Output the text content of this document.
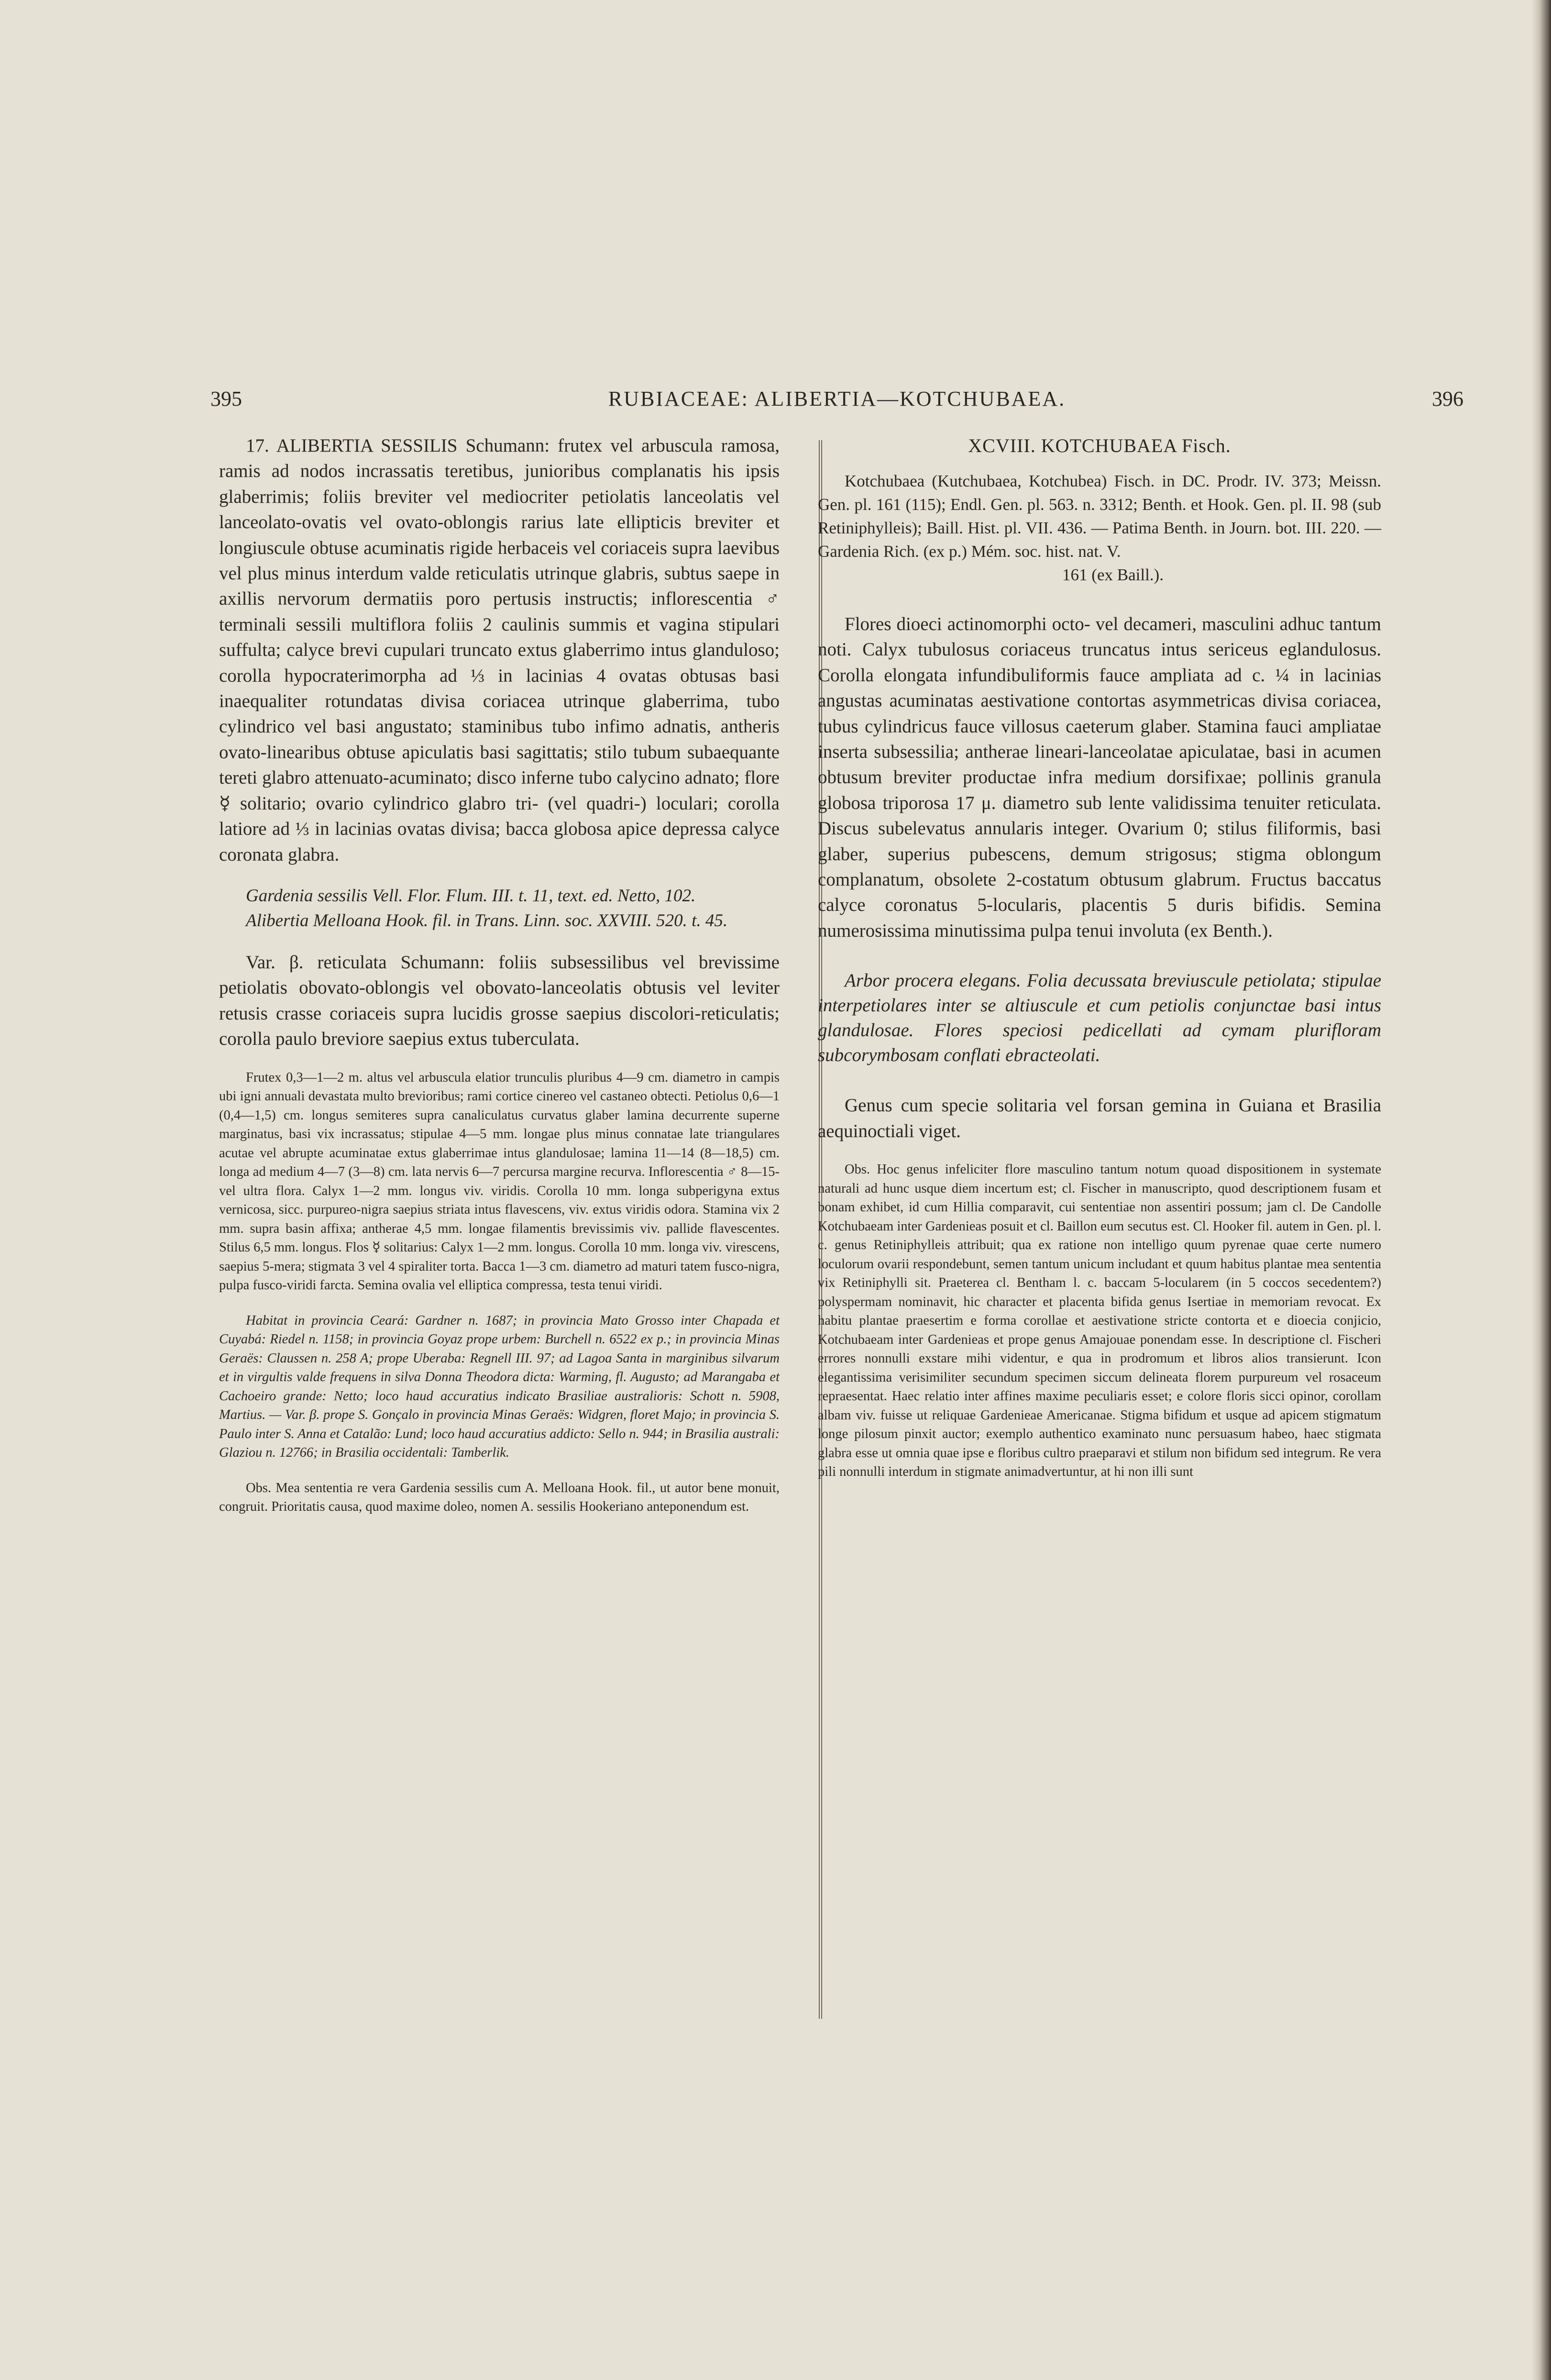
395	RUBIACEAE: ALIBERTIA—KOTCHUBAEA.	396

17. ALIBERTIA SESSILIS Schumann: frutex vel arbuscula ramosa, ramis ad nodos incrassatis teretibus, junioribus complanatis his ipsis glaberrimis; foliis breviter vel mediocriter petiolatis lanceolatis vel lanceolato-ovatis vel ovato-oblongis rarius late ellipticis breviter et longiuscule obtuse acuminatis rigide herbaceis vel coriaceis supra laevibus vel plus minus interdum valde reticulatis utrinque glabris, subtus saepe in axillis nervorum dermatiis poro pertusis instructis; inflorescentia ♂ terminali sessili multiflora foliis 2 caulinis summis et vagina stipulari suffulta; calyce brevi cupulari truncato extus glaberrimo intus glanduloso; corolla hypocraterimorpha ad ⅓ in lacinias 4 ovatas obtusas basi inaequaliter rotundatas divisa coriacea utrinque glaberrima, tubo cylindrico vel basi angustato; staminibus tubo infimo adnatis, antheris ovato-linearibus obtuse apiculatis basi sagittatis; stilo tubum subaequante tereti glabro attenuato-acuminato; disco inferne tubo calycino adnato; flore ☿ solitario; ovario cylindrico glabro tri- (vel quadri-) loculari; corolla latiore ad ⅓ in lacinias ovatas divisa; bacca globosa apice depressa calyce coronata glabra.

Gardenia sessilis Vell. Flor. Flum. III. t. 11, text. ed. Netto, 102.

Alibertia Melloana Hook. fil. in Trans. Linn. soc. XXVIII. 520. t. 45.

Var. β. reticulata Schumann: foliis subsessilibus vel brevissime petiolatis obovato-oblongis vel obovato-lanceolatis obtusis vel leviter retusis crasse coriaceis supra lucidis grosse saepius discolori-reticulatis; corolla paulo breviore saepius extus tuberculata.

Frutex 0,3—1—2 m. altus vel arbuscula elatior trunculis pluribus 4—9 cm. diametro in campis ubi igni annuali devastata multo brevioribus; rami cortice cinereo vel castaneo obtecti. Petiolus 0,6—1 (0,4—1,5) cm. longus semiteres supra canaliculatus curvatus glaber lamina decurrente superne marginatus, basi vix incrassatus; stipulae 4—5 mm. longae plus minus connatae late triangulares acutae vel abrupte acuminatae extus glaberrimae intus glandulosae; lamina 11—14 (8—18,5) cm. longa ad medium 4—7 (3—8) cm. lata nervis 6—7 percursa margine recurva. Inflorescentia ♂ 8—15- vel ultra flora. Calyx 1—2 mm. longus viv. viridis. Corolla 10 mm. longa subperigyna extus vernicosa, sicc. purpureo-nigra saepius striata intus flavescens, viv. extus viridis odora. Stamina vix 2 mm. supra basin affixa; antherae 4,5 mm. longae filamentis brevissimis viv. pallide flavescentes. Stilus 6,5 mm. longus. Flos ☿ solitarius: Calyx 1—2 mm. longus. Corolla 10 mm. longa viv. virescens, saepius 5-mera; stigmata 3 vel 4 spiraliter torta. Bacca 1—3 cm. diametro ad maturi tatem fusco-nigra, pulpa fusco-viridi farcta. Semina ovalia vel elliptica compressa, testa tenui viridi.

Habitat in provincia Ceará: Gardner n. 1687; in provincia Mato Grosso inter Chapada et Cuyabá: Riedel n. 1158; in provincia Goyaz prope urbem: Burchell n. 6522 ex p.; in provincia Minas Geraës: Claussen n. 258 A; prope Uberaba: Regnell III. 97; ad Lagoa Santa in marginibus silvarum et in virgultis valde frequens in silva Donna Theodora dicta: Warming, fl. Augusto; ad Marangaba et Cachoeiro grande: Netto; loco haud accuratius indicato Brasiliae australioris: Schott n. 5908, Martius. — Var. β. prope S. Gonçalo in provincia Minas Geraës: Widgren, floret Majo; in provincia S. Paulo inter S. Anna et Catalão: Lund; loco haud accuratius addicto: Sello n. 944; in Brasilia australi: Glaziou n. 12766; in Brasilia occidentali: Tamberlik.

Obs. Mea sententia re vera Gardenia sessilis cum A. Melloana Hook. fil., ut autor bene monuit, congruit. Prioritatis causa, quod maxime doleo, nomen A. sessilis Hookeriano anteponendum est.

XCVIII. KOTCHUBAEA Fisch.

Kotchubaea (Kutchubaea, Kotchubea) Fisch. in DC. Prodr. IV. 373; Meissn. Gen. pl. 161 (115); Endl. Gen. pl. 563. n. 3312; Benth. et Hook. Gen. pl. II. 98 (sub Retiniphylleis); Baill. Hist. pl. VII. 436. — Patima Benth. in Journ. bot. III. 220. — Gardenia Rich. (ex p.) Mém. soc. hist. nat. V.
161 (ex Baill.).

Flores dioeci actinomorphi octo- vel decameri, masculini adhuc tantum noti. Calyx tubulosus coriaceus truncatus intus sericeus eglandulosus. Corolla elongata infundibuliformis fauce ampliata ad c. ¼ in lacinias angustas acuminatas aestivatione contortas asymmetricas divisa coriacea, tubus cylindricus fauce villosus caeterum glaber. Stamina fauci ampliatae inserta subsessilia; antherae lineari-lanceolatae apiculatae, basi in acumen obtusum breviter productae infra medium dorsifixae; pollinis granula globosa triporosa 17 μ. diametro sub lente validissima tenuiter reticulata. Discus subelevatus annularis integer. Ovarium 0; stilus filiformis, basi glaber, superius pubescens, demum strigosus; stigma oblongum complanatum, obsolete 2-costatum obtusum glabrum. Fructus baccatus calyce coronatus 5-locularis, placentis 5 duris bifidis. Semina numerosissima minutissima pulpa tenui involuta (ex Benth.).

Arbor procera elegans. Folia decussata breviuscule petiolata; stipulae interpetiolares inter se altiuscule et cum petiolis conjunctae basi intus glandulosae. Flores speciosi pedicellati ad cymam plurifloram subcorymbosam conflati ebracteolati.

Genus cum specie solitaria vel forsan gemina in Guiana et Brasilia aequinoctiali viget.

Obs. Hoc genus infeliciter flore masculino tantum notum quoad dispositionem in systemate naturali ad hunc usque diem incertum est; cl. Fischer in manuscripto, quod descriptionem fusam et bonam exhibet, id cum Hillia comparavit, cui sententiae non assentiri possum; jam cl. De Candolle Kotchubaeam inter Gardenieas posuit et cl. Baillon eum secutus est. Cl. Hooker fil. autem in Gen. pl. l. c. genus Retiniphylleis attribuit; qua ex ratione non intelligo quum pyrenae quae certe numero loculorum ovarii respondebunt, semen tantum unicum includant et quum habitus plantae mea sententia vix Retiniphylli sit. Praeterea cl. Bentham l. c. baccam 5-locularem (in 5 coccos secedentem?) polyspermam nominavit, hic character et placenta bifida genus Isertiae in memoriam revocat. Ex habitu plantae praesertim e forma corollae et aestivatione stricte contorta et e dioecia conjicio, Kotchubaeam inter Gardenieas et prope genus Amajouae ponendam esse. In descriptione cl. Fischeri errores nonnulli exstare mihi videntur, e qua in prodromum et libros alios transierunt. Icon elegantissima verisimiliter secundum specimen siccum delineata florem purpureum vel rosaceum repraesentat. Haec relatio inter affines maxime peculiaris esset; e colore floris sicci opinor, corollam albam viv. fuisse ut reliquae Gardenieae Americanae. Stigma bifidum et usque ad apicem stigmatum longe pilosum pinxit auctor; exemplo authentico examinato nunc persuasum habeo, haec stigmata glabra esse ut omnia quae ipse e floribus cultro praeparavi et stilum non bifidum sed integrum. Re vera pili nonnulli interdum in stigmate animadvertuntur, at hi non illi sunt
